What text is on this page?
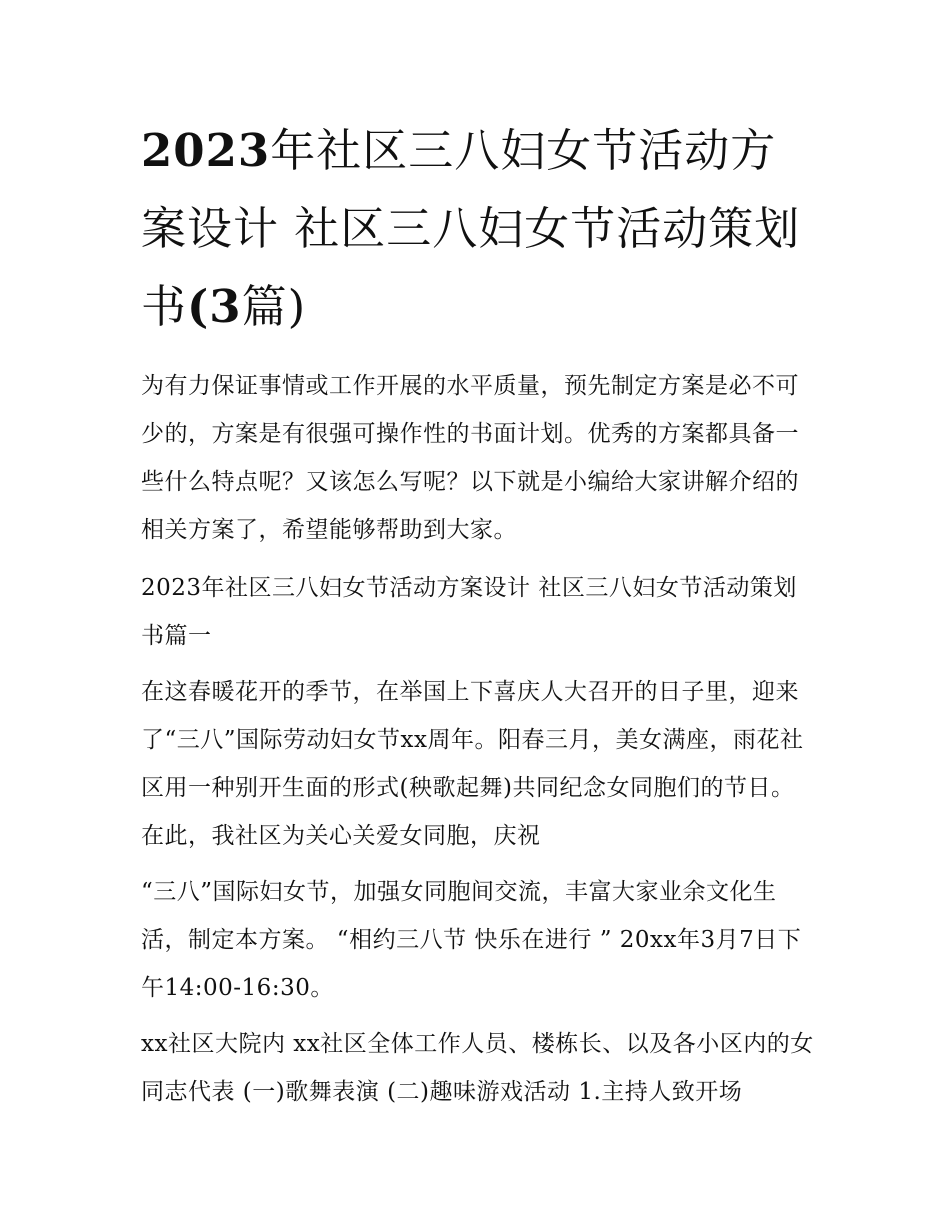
2023年社区三八妇女节活动方案设计 社区三八妇女节活动策划书(3篇)

为有力保证事情或工作开展的水平质量，预先制定方案是必不可少的，方案是有很强可操作性的书面计划。优秀的方案都具备一些什么特点呢？又该怎么写呢？以下就是小编给大家讲解介绍的相关方案了，希望能够帮助到大家。

2023年社区三八妇女节活动方案设计 社区三八妇女节活动策划书篇一

在这春暖花开的季节，在举国上下喜庆人大召开的日子里，迎来了“三八”国际劳动妇女节xx周年。阳春三月，美女满座，雨花社区用一种别开生面的形式(秧歌起舞)共同纪念女同胞们的节日。在此，我社区为关心关爱女同胞，庆祝

“三八”国际妇女节，加强女同胞间交流，丰富大家业余文化生活，制定本方案。 “相约三八节 快乐在进行 ” 20xx年3月7日下午14:00-16:30。

xx社区大院内 xx社区全体工作人员、楼栋长、以及各小区内的女同志代表 (一)歌舞表演 (二)趣味游戏活动 1.主持人致开场
